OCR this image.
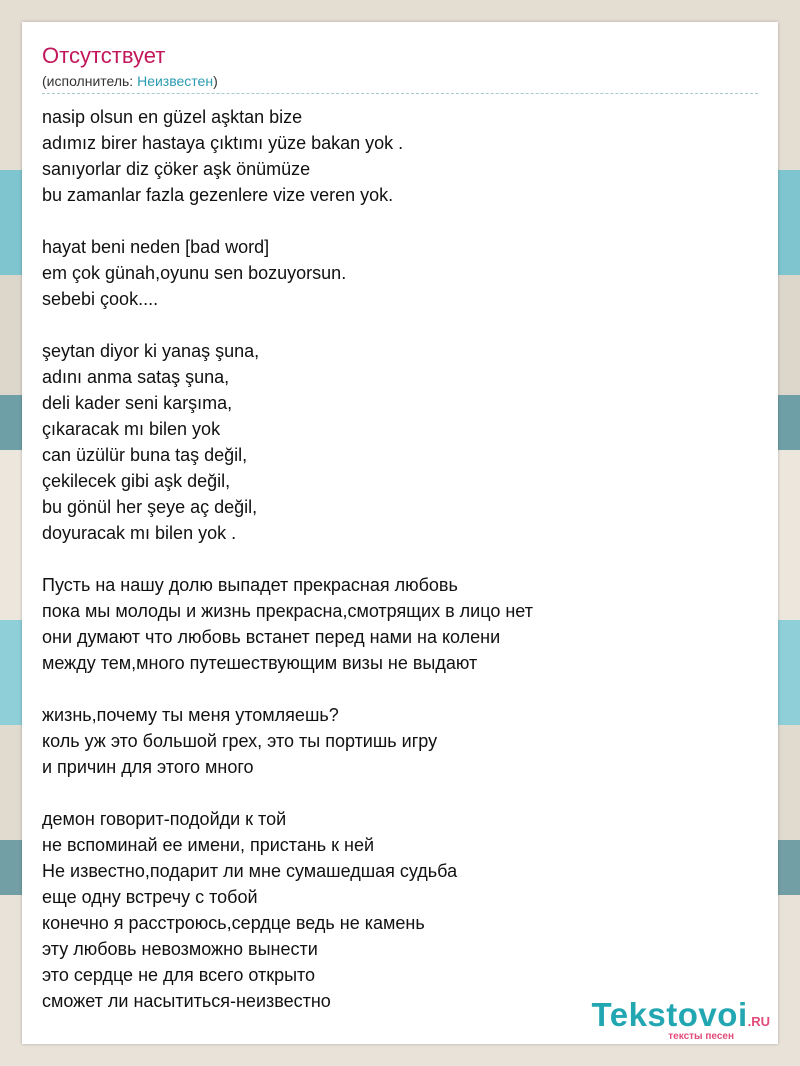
Отсутствует
(исполнитель: Неизвестен)
nasip olsun en güzel aşktan bize
adımız birer hastaya çıktımı yüze bakan yok .
sanıyorlar diz çöker aşk önümüze
bu zamanlar fazla gezenlere vize veren yok.
hayat beni neden [bad word]
em çok günah,oyunu sen bozuyorsun.
sebebi çook....
şeytan diyor ki yanaş şuna,
adını anma sataş şuna,
deli kader seni karşıma,
çıkaracak mı bilen yok
can üzülür buna taş değil,
çekilecek gibi aşk değil,
bu gönül her şeye aç değil,
doyuracak mı bilen yok .
Пусть на нашу долю выпадет прекрасная любовь
пока мы молоды и жизнь прекрасна,смотрящих в лицо нет
они думают что любовь встанет перед нами на колени
между тем,много путешествующим визы не выдают
жизнь,почему ты меня утомляешь?
коль уж это большой грех, это ты портишь игру
и причин для этого много
демон говорит-подойди к той
не вспоминай ее имени, пристань к ней
Не известно,подарит ли мне сумашедшая судьба
еще одну встречу с тобой
конечно я расстроюсь,сердце ведь не камень
эту любовь невозможно вынести
это сердце не для всего открыто
сможет ли насытиться-неизвестно	Tekstovoi.RU
тексты песен
